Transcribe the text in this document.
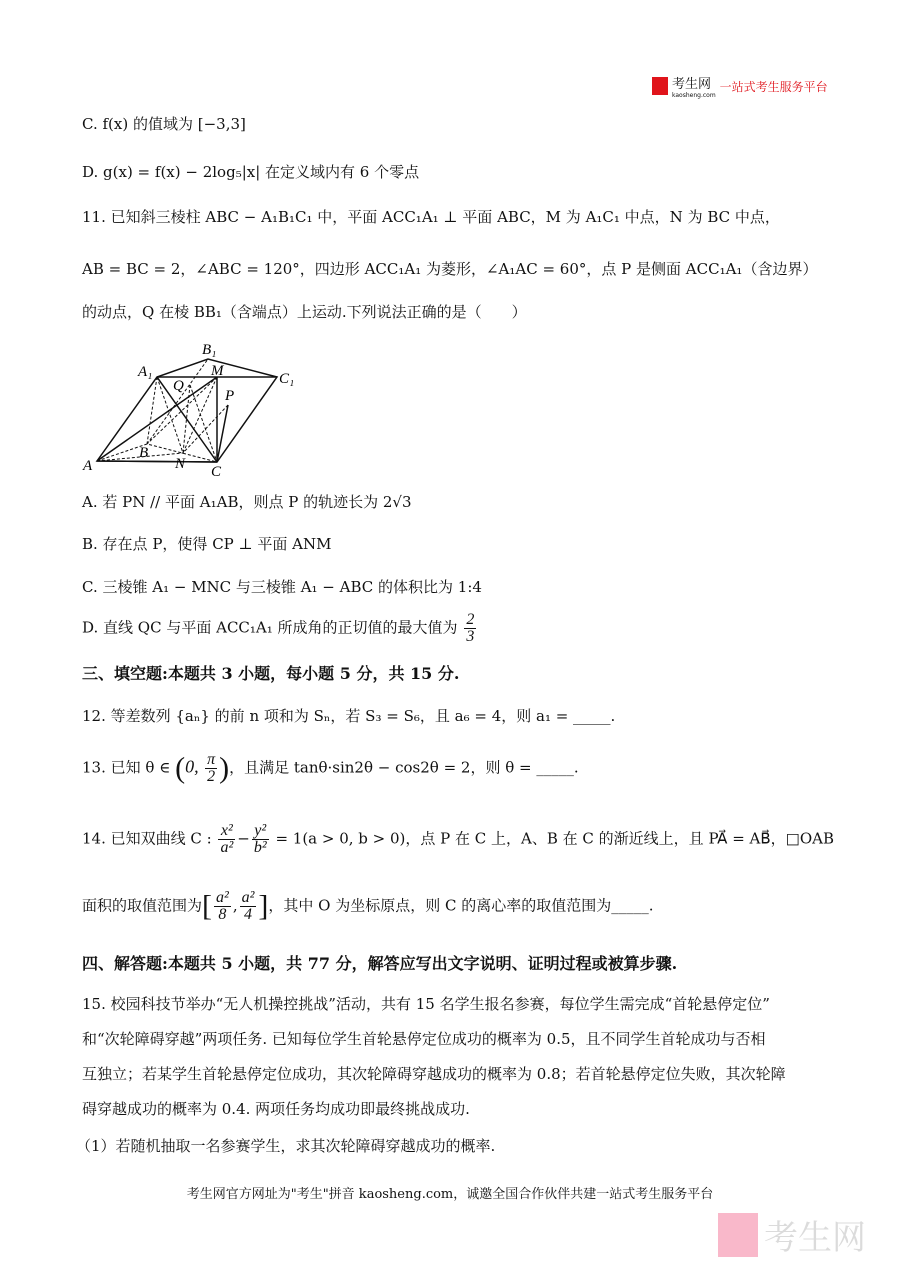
考生网
kaosheng.com
一站式考生服务平台
C. f(x) 的值域为 [−3,3]
D. g(x) = f(x) − 2log₅|x| 在定义域内有 6 个零点
11. 已知斜三棱柱 ABC − A₁B₁C₁ 中，平面 ACC₁A₁ ⊥ 平面 ABC，M 为 A₁C₁ 中点，N 为 BC 中点，
AB = BC = 2，∠ABC = 120°，四边形 ACC₁A₁ 为菱形，∠A₁AC = 60°，点 P 是侧面 ACC₁A₁（含边界）
的动点，Q 在棱 BB₁（含端点）上运动.下列说法正确的是（　　）
A
B
C
A₁
B₁
C₁
M
N
P
Q
A. 若 PN // 平面 A₁AB，则点 P 的轨迹长为 2√3
B. 存在点 P，使得 CP ⊥ 平面 ANM
C. 三棱锥 A₁ − MNC 与三棱锥 A₁ − ABC 的体积比为 1:4
D. 直线 QC 与平面 ACC₁A₁ 所成角的正切值的最大值为 $\frac{2}{3}$
三、填空题:本题共 3 小题，每小题 5 分，共 15 分.
12. 等差数列 {aₙ} 的前 n 项和为 Sₙ，若 S₃ = S₆，且 a₆ = 4，则 a₁ = _____.
13. 已知 θ ∈ (0, $\frac{\pi}{2}$ )，且满足 tanθ·sin2θ − cos2θ = 2，则 θ = _____.
14. 已知双曲线 C : $\frac{\text{x²}}{\text{a²}} - \frac{\text{y²}}{\text{b²}} = 1(a > 0$, b > 0)，点 P 在 C 上，A、B 在 C 的渐近线上，且 PA⃗ = AB⃗，□OAB
面积的取值范围为[ $\frac{\text{a²}}{8}$ , $\frac{\text{a²}}{4}$ ]，其中 O 为坐标原点，则 C 的离心率的取值范围为_____.
四、解答题:本题共 5 小题，共 77 分，解答应写出文字说明、证明过程或被算步骤.
15. 校园科技节举办“无人机操控挑战”活动，共有 15 名学生报名参赛，每位学生需完成“首轮悬停定位”
和“次轮障碍穿越”两项任务. 已知每位学生首轮悬停定位成功的概率为 0.5，且不同学生首轮成功与否相
互独立；若某学生首轮悬停定位成功，其次轮障碍穿越成功的概率为 0.8；若首轮悬停定位失败，其次轮障
碍穿越成功的概率为 0.4. 两项任务均成功即最终挑战成功.
（1）若随机抽取一名参赛学生，求其次轮障碍穿越成功的概率.
考生网官方网址为"考生"拼音 kaosheng.com，诚邀全国合作伙伴共建一站式考生服务平台
考生网
